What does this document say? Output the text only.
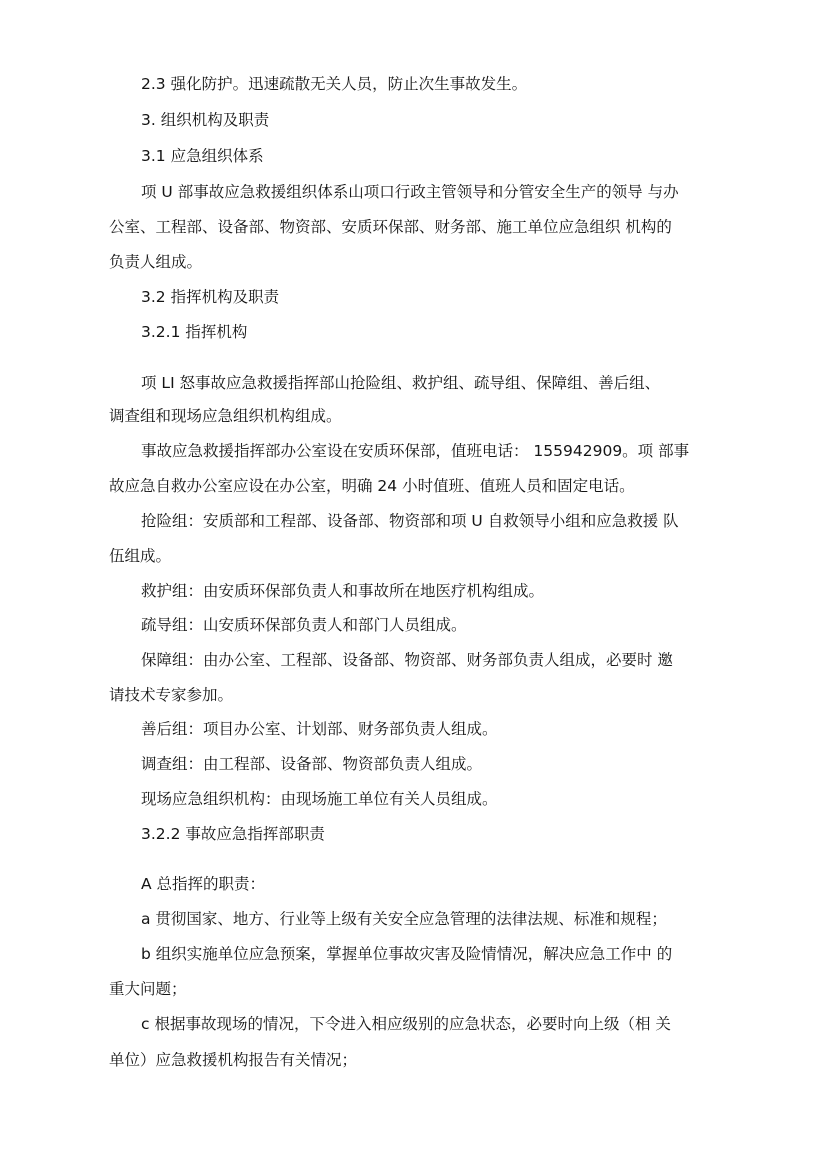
2.3 强化防护。迅速疏散无关人员，防止次生事故发生。
3. 组织机构及职责
3.1 应急组织体系
项 U 部事故应急救援组织体系山项口行政主管领导和分管安全生产的领导 与办
公室、工程部、设备部、物资部、安质环保部、财务部、施工单位应急组织 机构的
负责人组成。
3.2 指挥机构及职责
3.2.1 指挥机构
项 LI 怒事故应急救援指挥部山抢险组、救护组、疏导组、保障组、善后组、
调查组和现场应急组织机构组成。
事故应急救援指挥部办公室设在安质环保部，值班电话： 155942909。项 部事
故应急自救办公室应设在办公室，明确 24 小时值班、值班人员和固定电话。
抢险组：安质部和工程部、设备部、物资部和项 U 自救领导小组和应急救援 队
伍组成。
救护组：由安质环保部负责人和事故所在地医疗机构组成。
疏导组：山安质环保部负责人和部门人员组成。
保障组：由办公室、工程部、设备部、物资部、财务部负责人组成，必要时 邀
请技术专家参加。
善后组：项目办公室、计划部、财务部负责人组成。
调查组：由工程部、设备部、物资部负责人组成。
现场应急组织机构：由现场施工单位有关人员组成。
3.2.2 事故应急指挥部职责
A 总指挥的职责：
a 贯彻国家、地方、行业等上级有关安全应急管理的法律法规、标准和规程；
b 组织实施单位应急预案，掌握单位事故灾害及险情情况，解决应急工作中 的
重大问题；
c 根据事故现场的情况，下令进入相应级别的应急状态，必要时向上级（相 关
单位）应急救援机构报告有关情况；
